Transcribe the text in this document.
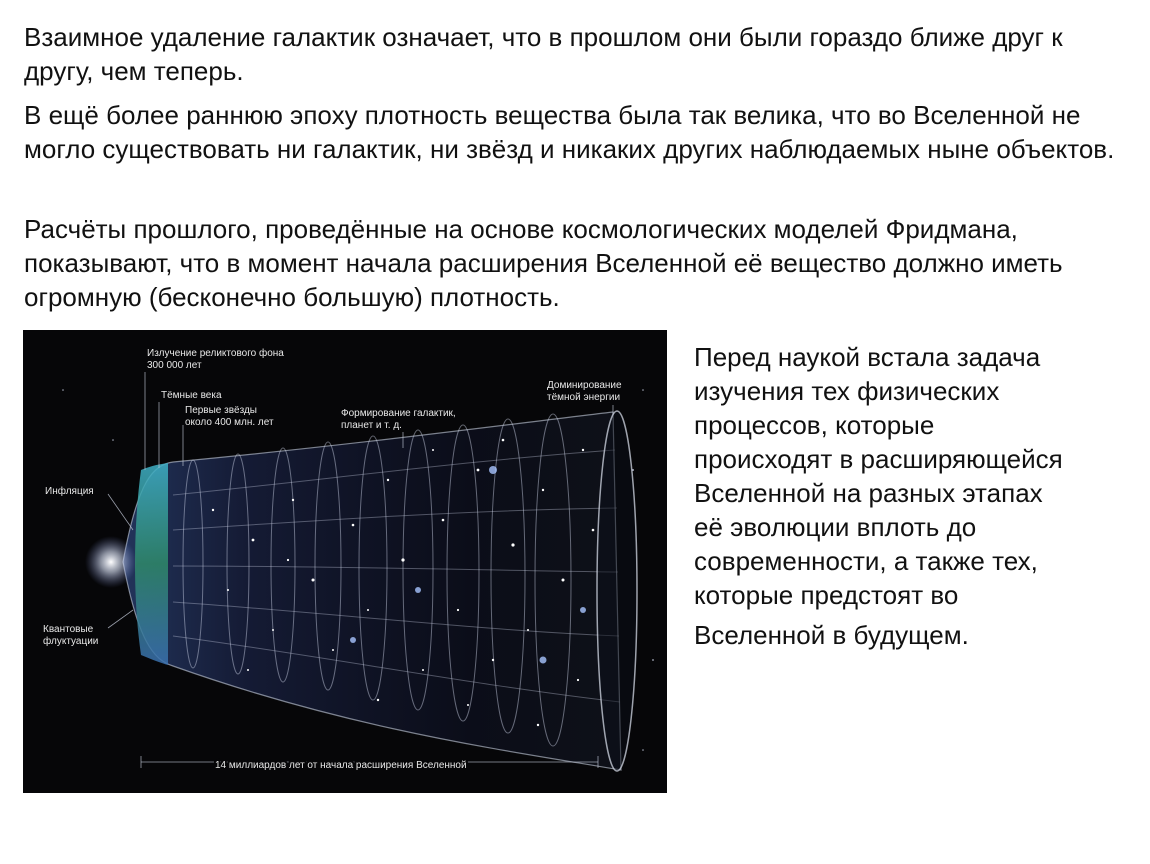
Взаимное удаление галактик означает, что в прошлом они были гораздо ближе друг к другу, чем теперь.

В ещё более раннюю эпоху плотность вещества была так велика, что во Вселенной не могло существовать ни галактик, ни звёзд и никаких других наблюдаемых ныне объектов.

Расчёты прошлого, проведённые на основе космологических моделей Фридмана, показывают, что в момент начала расширения Вселенной её вещество должно иметь огромную (бесконечно большую) плотность.

Излучение реликтового фона
300 000 лет
Тёмные века
Первые звёзды
около 400 млн. лет
Формирование галактик,
планет и т. д.
Доминирование
тёмной энергии
Инфляция
Квантовые
флуктуации
14 миллиардов лет от начала расширения Вселенной
Перед наукой встала задача
изучения тех физических
процессов, которые
происходят в расширяющейся
Вселенной на разных этапах
её эволюции вплоть до
современности, а также тех,
которые предстоят во
Вселенной в будущем.
